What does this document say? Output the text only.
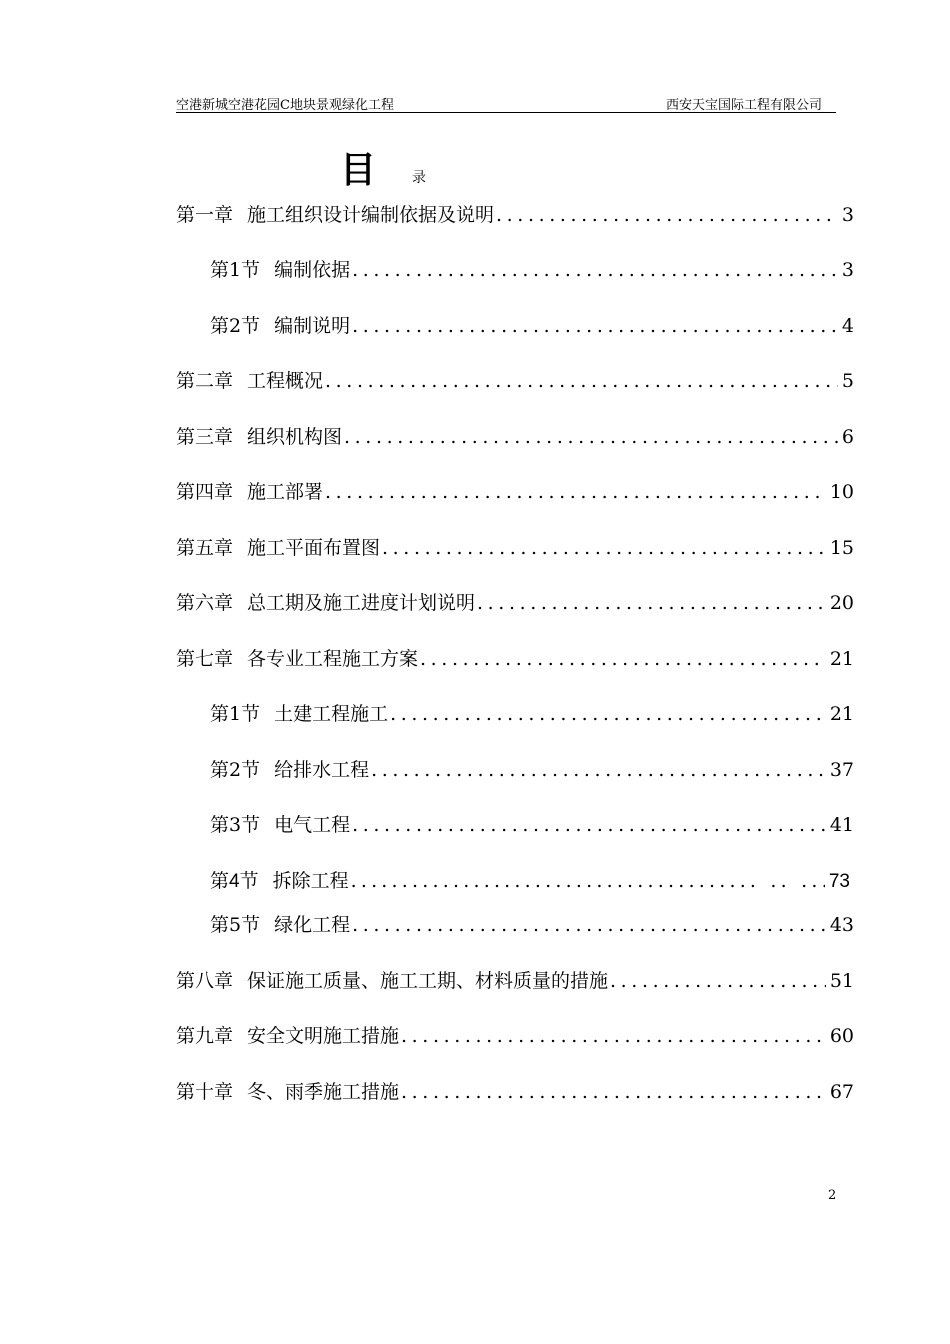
空港新城空港花园C地块景观绿化工程	西安天宝国际工程有限公司
目	录
第一章 施工组织设计编制依据及说明 .....	3
第1节 编制依据 .....	3
第2节 编制说明 .....	4
第二章 工程概况 .....	5
第三章 组织机构图 .....	6
第四章 施工部署 .....	10
第五章 施工平面布置图 .....	15
第六章 总工期及施工进度计划说明 .....	20
第七章 各专业工程施工方案 .....	21
第1节 土建工程施工 .....	21
第2节 给排水工程 .....	37
第3节 电气工程 .....	41
第4节 拆除工程 .....	73
第5节 绿化工程 .....	43
第八章 保证施工质量、施工工期、材料质量的措施 .....	51
第九章 安全文明施工措施 .....	60
第十章 冬、雨季施工措施 .....	67
2
